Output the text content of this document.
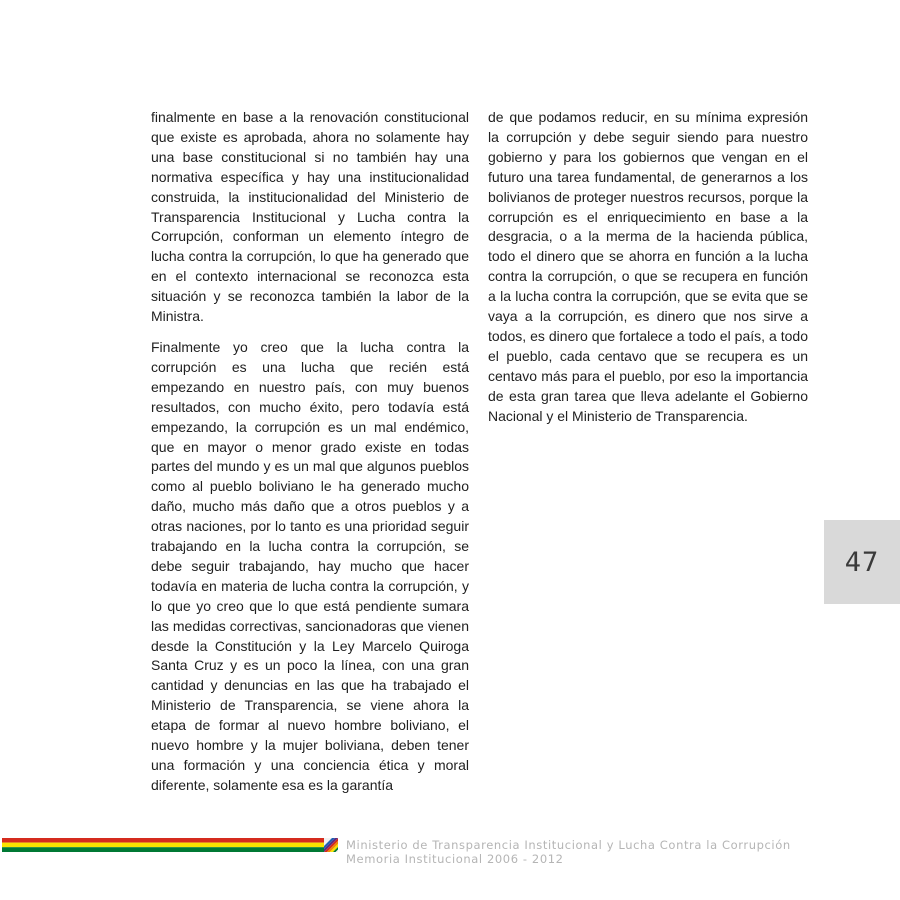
finalmente en base a la renovación constitucional que existe es aprobada, ahora no solamente hay una base constitucional si no también hay una normativa específica y hay una institucionalidad construida, la institucionalidad del Ministerio de Transparencia Institucional y Lucha contra la Corrupción, conforman un elemento íntegro de lucha contra la corrupción, lo que ha generado que en el contexto internacional se reconozca esta situación y se reconozca también la labor de la Ministra.

Finalmente yo creo que la lucha contra la corrupción es una lucha que recién está empezando en nuestro país, con muy buenos resultados, con mucho éxito, pero todavía está empezando, la corrupción es un mal endémico, que en mayor o menor grado existe en todas partes del mundo y es un mal que algunos pueblos como al pueblo boliviano le ha generado mucho daño, mucho más daño que a otros pueblos y a otras naciones, por lo tanto es una prioridad seguir trabajando en la lucha contra la corrupción, se debe seguir trabajando, hay mucho que hacer todavía en materia de lucha contra la corrupción, y lo que yo creo que lo que está pendiente sumara las medidas correctivas, sancionadoras que vienen desde la Constitución y la Ley Marcelo Quiroga Santa Cruz y es un poco la línea, con una gran cantidad y denuncias en las que ha trabajado el Ministerio de Transparencia, se viene ahora la etapa de formar al nuevo hombre boliviano, el nuevo hombre y la mujer boliviana, deben tener una formación y una conciencia ética y moral diferente, solamente esa es la garantía

de que podamos reducir, en su mínima expresión la corrupción y debe seguir siendo para nuestro gobierno y para los gobiernos que vengan en el futuro una tarea fundamental, de generarnos a los bolivianos de proteger nuestros recursos, porque la corrupción es el enriquecimiento en base a la desgracia, o a la merma de la hacienda pública, todo el dinero que se ahorra en función a la lucha contra la corrupción, o que se recupera en función a la lucha contra la corrupción, que se evita que se vaya a la corrupción, es dinero que nos sirve a todos, es dinero que fortalece a todo el país, a todo el pueblo, cada centavo que se recupera es un centavo más para el pueblo, por eso la importancia de esta gran tarea que lleva adelante el Gobierno Nacional y el Ministerio de Transparencia.

47
Ministerio de Transparencia Institucional y Lucha Contra la Corrupción
Memoria Institucional 2006 - 2012
